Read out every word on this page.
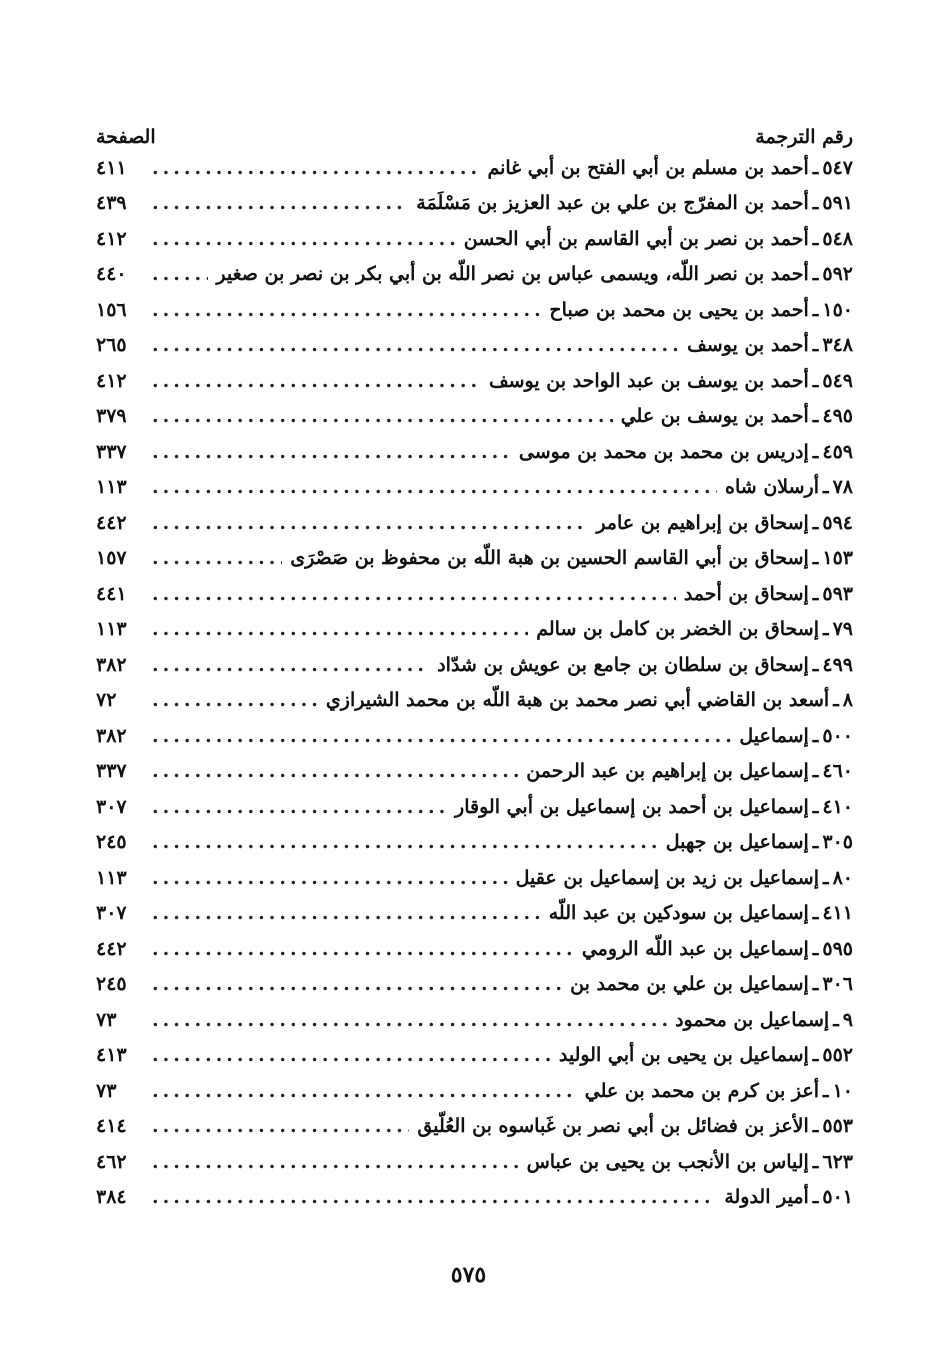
رقم الترجمة
الصفحة
٥٤٧
ـ
أحمد بن مسلم بن أبي الفتح بن أبي غانم
.....
٤١١
٥٩١
ـ
أحمد بن المفرّج بن علي بن عبد العزيز بن مَسْلَمَة
.....
٤٣٩
٥٤٨
ـ
أحمد بن نصر بن أبي القاسم بن أبي الحسن
.....
٤١٢
٥٩٢
ـ
أحمد بن نصر اللّه، ويسمى عباس بن نصر اللّه بن أبي بكر بن نصر بن صغير
.....
٤٤٠
١٥٠
ـ
أحمد بن يحيى بن محمد بن صباح
.....
١٥٦
٣٤٨
ـ
أحمد بن يوسف
.....
٢٦٥
٥٤٩
ـ
أحمد بن يوسف بن عبد الواحد بن يوسف
.....
٤١٢
٤٩٥
ـ
أحمد بن يوسف بن علي
.....
٣٧٩
٤٥٩
ـ
إدريس بن محمد بن محمد بن موسى
.....
٣٣٧
٧٨
ـ
أرسلان شاه
.....
١١٣
٥٩٤
ـ
إسحاق بن إبراهيم بن عامر
.....
٤٤٢
١٥٣
ـ
إسحاق بن أبي القاسم الحسين بن هبة اللّه بن محفوظ بن صَصْرَى
.....
١٥٧
٥٩٣
ـ
إسحاق بن أحمد
.....
٤٤١
٧٩
ـ
إسحاق بن الخضر بن كامل بن سالم
.....
١١٣
٤٩٩
ـ
إسحاق بن سلطان بن جامع بن عويش بن شدّاد
.....
٣٨٢
٨
ـ
أسعد بن القاضي أبي نصر محمد بن هبة اللّه بن محمد الشيرازي
.....
٧٢
٥٠٠
ـ
إسماعيل
.....
٣٨٢
٤٦٠
ـ
إسماعيل بن إبراهيم بن عبد الرحمن
.....
٣٣٧
٤١٠
ـ
إسماعيل بن أحمد بن إسماعيل بن أبي الوقار
.....
٣٠٧
٣٠٥
ـ
إسماعيل بن جهبل
.....
٢٤٥
٨٠
ـ
إسماعيل بن زيد بن إسماعيل بن عقيل
.....
١١٣
٤١١
ـ
إسماعيل بن سودكين بن عبد اللّه
.....
٣٠٧
٥٩٥
ـ
إسماعيل بن عبد اللّه الرومي
.....
٤٤٢
٣٠٦
ـ
إسماعيل بن علي بن محمد بن
.....
٢٤٥
٩
ـ
إسماعيل بن محمود
.....
٧٣
٥٥٢
ـ
إسماعيل بن يحيى بن أبي الوليد
.....
٤١٣
١٠
ـ
أعز بن كرم بن محمد بن علي
.....
٧٣
٥٥٣
ـ
الأعز بن فضائل بن أبي نصر بن غَباسوه بن العُلّيق
.....
٤١٤
٦٢٣
ـ
إلياس بن الأنجب بن يحيى بن عباس
.....
٤٦٢
٥٠١
ـ
أمير الدولة
.....
٣٨٤
٥٧٥
